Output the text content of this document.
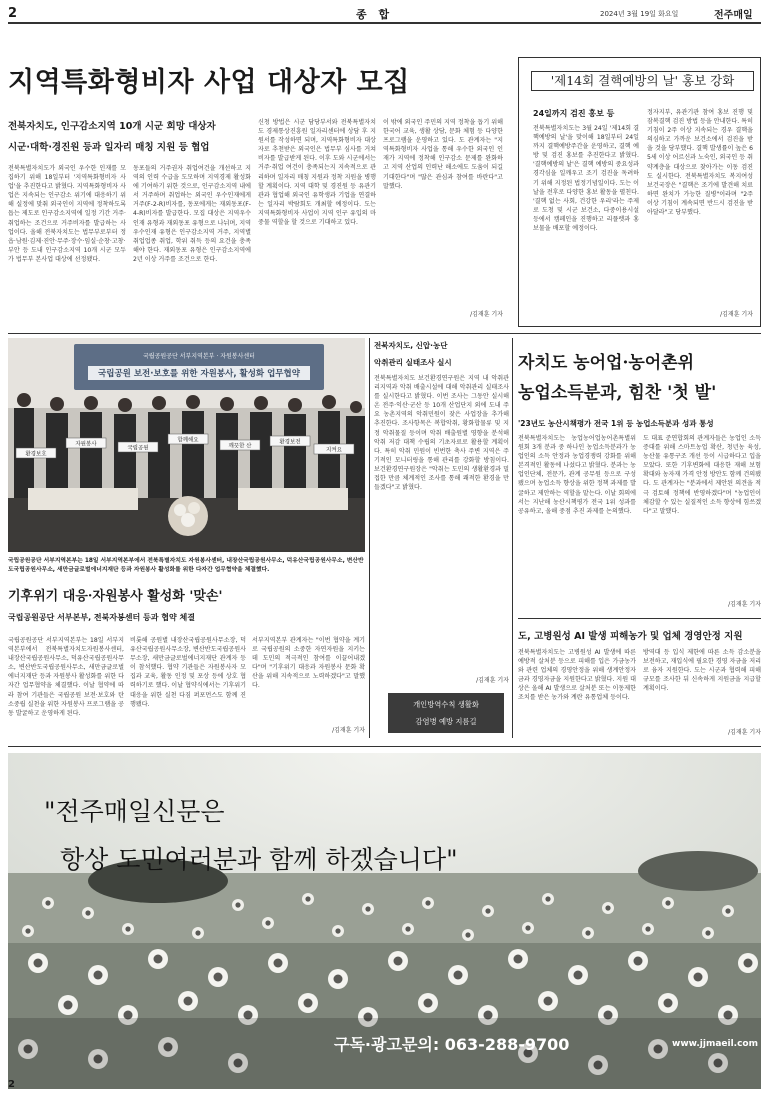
2	종 합	2024년 3월 19일 화요일	전주매일
지역특화형비자 사업 대상자 모집
전북자치도, 인구감소지역 10개 시군 희망 대상자
시군·대학·경진원 등과 일자리 매칭 지원 등 협업
전북특별자치도가 외국인 우수한 인재를 모집하기 위해 18일부터 '지역특화형비자 사업'을 추진한다고 밝혔다. 지역특화형비자 사업은 지속되는 인구감소 위기에 대응하기 위해 실정에 맞춰 외국인이 지역에 정착하도록 돕는 제도로 인구감소지역에 일정 기간 거주·취업하는 조건으로 거주비자를 발급하는 사업이다. 올해 전북자치도는 법무부로부터 정읍·남원·김제·진안·무주·장수·임실·순창·고창·부안 등 도내 인구감소지역 10개 시군 모두가 법무부 본사업 대상에 선정됐다.
동포들의 거주권자 취업여건을 개선하고 지역의 인력 수급을 도모하며 지역경제 활성화에 기여하기 위한 것으로, 인구감소지역 내에서 거주하며 취업하는 외국인 우수인재에게 거주(F-2-R)비자를, 동포에게는 재외동포(F-4-R)비자를 발급한다. 모집 대상은 지역우수인재 유형과 재외동포 유형으로 나뉘며, 지역우수인재 유형은 인구감소지역 거주, 지역별 취업업종 취업, 학위 취득 등의 요건을 충족해야 한다. 재외동포 유형은 인구감소지역에 2년 이상 거주를 조건으로 한다.
신청 방법은 시군 담당부서와 전북특별자치도 경제통상진흥원 일자리센터에 상담 후 지원서를 작성하면 되며, 지역특화형비자 대상자로 추천받은 외국인은 법무부 심사를 거쳐 비자를 발급받게 된다. 이후 도와 시군에서는 거주·취업 여건이 충족되는지 지속적으로 관리하며 일자리 매칭 지원과 정착 지원을 병행할 계획이다. 지역 대학 및 경진원 등 유관기관과 협업해 외국인 유학생과 기업을 연결하는 일자리 박람회도 개최할 예정이다. 도는 지역특화형비자 사업이 지역 인구 유입의 마중물 역할을 할 것으로 기대하고 있다.
이 밖에 외국인 주민의 지역 정착을 돕기 위해 한국어 교육, 생활 상담, 문화 체험 등 다양한 프로그램을 운영하고 있다. 도 관계자는 "지역특화형비자 사업을 통해 우수한 외국인 인재가 지역에 정착해 인구감소 문제를 완화하고 지역 산업의 인력난 해소에도 도움이 되길 기대한다"며 "많은 관심과 참여를 바란다"고 말했다.
/김재훈 기자
'제14회 결핵예방의 날' 홍보 강화
24일까지 검진 홍보 등
전북특별자치도는 3월 24일 '제14회 결핵예방의 날'을 맞이해 18일부터 24일까지 결핵예방주간을 운영하고, 결핵 예방 및 검진 홍보를 추진한다고 밝혔다. '결핵예방의 날'은 결핵 예방의 중요성과 경각심을 일깨우고 조기 검진을 독려하기 위해 지정된 법정기념일이다. 도는 이날을 전후로 다양한 홍보 활동을 펼친다. '결핵 없는 사회, 건강한 우리'라는 주제로 도청 및 시군 보건소, 다중이용시설 등에서 캠페인을 진행하고 리플렛과 홍보물을 배포할 예정이다.
정자지부, 유관기관 참여 홍보 진행 및 잠복결핵 검진 방법 등을 안내한다. 특히 기침이 2주 이상 지속되는 경우 결핵을 의심하고 가까운 보건소에서 검진을 받을 것을 당부했다. 결핵 발생률이 높은 65세 이상 어르신과 노숙인, 외국인 등 취약계층을 대상으로 찾아가는 이동 검진도 실시한다. 전북특별자치도 복지여성보건국장은 "결핵은 조기에 발견해 치료하면 완치가 가능한 질병"이라며 "2주 이상 기침이 계속되면 반드시 검진을 받아달라"고 당부했다.
/김재훈 기자
국립공원공단 서부지역본부 · 자원봉사센터
국립공원 보전·보호를 위한 자원봉사, 활성화 업무협약
환경보호
자원봉사
국립공원
함께해요
깨끗한 산
환경보전
지켜요
국립공원공단 서부지역본부는 18일 서부지역본부에서 전북특별자치도 자원봉사센터, 내장산국립공원사무소, 덕유산국립공원사무소, 변산반도국립공원사무소, 새만금글로벌에너지재단 등과 자원봉사 활성화를 위한 다자간 업무협약을 체결했다.
기후위기 대응·자원봉사 활성화 '맞손'
국립공원공단 서부본부, 전북자봉센터 등과 협약 체결
국립공원공단 서부지역본부는 18일 서부지역본부에서 전북특별자치도자원봉사센터, 내장산국립공원사무소, 덕유산국립공원사무소, 변산반도국립공원사무소, 새만금글로벌에너지재단 등과 자원봉사 활성화를 위한 다자간 업무협약을 체결했다. 이날 협약에 따라 참여 기관들은 국립공원 보전·보호와 탄소중립 실천을 위한 자원봉사 프로그램을 공동 발굴하고 운영하게 된다.
비롯해 공원별 내장산국립공원사무소장, 덕유산국립공원사무소장, 변산반도국립공원사무소장, 새만금글로벌에너지재단 관계자 등이 참석했다. 협약 기관들은 자원봉사자 모집과 교육, 활동 인정 및 포상 등에 상호 협력하기로 했다. 이날 협약식에서는 기후위기 대응을 위한 실천 다짐 퍼포먼스도 함께 진행됐다.
서부지역본부 관계자는 "이번 협약을 계기로 국립공원의 소중한 자연자원을 지키는 데 도민의 적극적인 참여를 이끌어내겠다"며 "기후위기 대응과 자원봉사 문화 확산을 위해 지속적으로 노력하겠다"고 말했다.
/김재훈 기자
전북자치도, 신압·농단
악취관리 실태조사 실시
전북특별자치도 보건환경연구원은 지역 내 악취관리지역과 악취 배출시설에 대해 악취관리 실태조사를 실시한다고 밝혔다. 이번 조사는 그동안 실시해 온 전주·익산·군산 등 10개 산업단지 외에 도내 주요 농촌지역의 악취민원이 잦은 사업장을 추가해 추진한다. 조사항목은 복합악취, 황화합물류 및 지정 악취물질 등이며 악취 배출원별 영향을 분석해 악취 저감 대책 수립의 기초자료로 활용할 계획이다. 특히 악취 민원이 빈번한 축사 주변 지역은 주기적인 모니터링을 통해 관리를 강화할 방침이다. 보건환경연구원장은 "악취는 도민의 생활환경과 밀접한 만큼 체계적인 조사를 통해 쾌적한 환경을 만들겠다"고 밝혔다.
/김재훈 기자
개인방역수칙 생활화
감염병 예방 지름길
자치도 농어업·농어촌위
농업소득분과, 힘찬 '첫 발'
'23년도 농산시책평가 전국 1위 등 농업소득분과 성과 통성
전북특별자치도는 농업농어업농어촌특별위원회 3개 분과 중 하나인 농업소득분과가 농업인의 소득 안정과 농업경쟁력 강화를 위해 본격적인 활동에 나섰다고 밝혔다. 분과는 농업인단체, 전문가, 관계 공무원 등으로 구성됐으며 농업소득 향상을 위한 정책 과제를 발굴하고 제안하는 역할을 맡는다. 이날 회의에서는 지난해 농산시책평가 전국 1위 성과를 공유하고, 올해 중점 추진 과제를 논의했다.
도 대표 준연합회의 관계자들은 농업인 소득 증대를 위해 스마트농업 확산, 청년농 육성, 농산물 유통구조 개선 등이 시급하다고 입을 모았다. 또한 기후변화에 대응한 재해 보험 확대와 농자재 가격 안정 방안도 함께 건의됐다. 도 관계자는 "분과에서 제안된 의견을 적극 검토해 정책에 반영하겠다"며 "농업인이 체감할 수 있는 실질적인 소득 향상에 힘쓰겠다"고 말했다.
/김재훈 기자
도, 고병원성 AI 발생 피해농가 및 업체 경영안정 지원
전북특별자치도는 고병원성 AI 발생에 따른 예방적 살처분 등으로 피해를 입은 가금농가와 관련 업체의 경영안정을 위해 생계안정자금과 경영자금을 지원한다고 밝혔다. 지원 대상은 올해 AI 발생으로 살처분 또는 이동제한 조치를 받은 농가와 계란 유통업체 등이다.
방역대 등 입식 제한에 따른 소득 감소분을 보전하고, 재입식에 필요한 경영 자금을 저리로 융자 지원한다. 도는 시군과 협력해 피해 규모를 조사한 뒤 신속하게 지원금을 지급할 계획이다.
/김재훈 기자
"전주매일신문은
항상 도민여러분과 함께 하겠습니다"
구독·광고문의: 063-288-9700	www.jjmaeil.com
2
